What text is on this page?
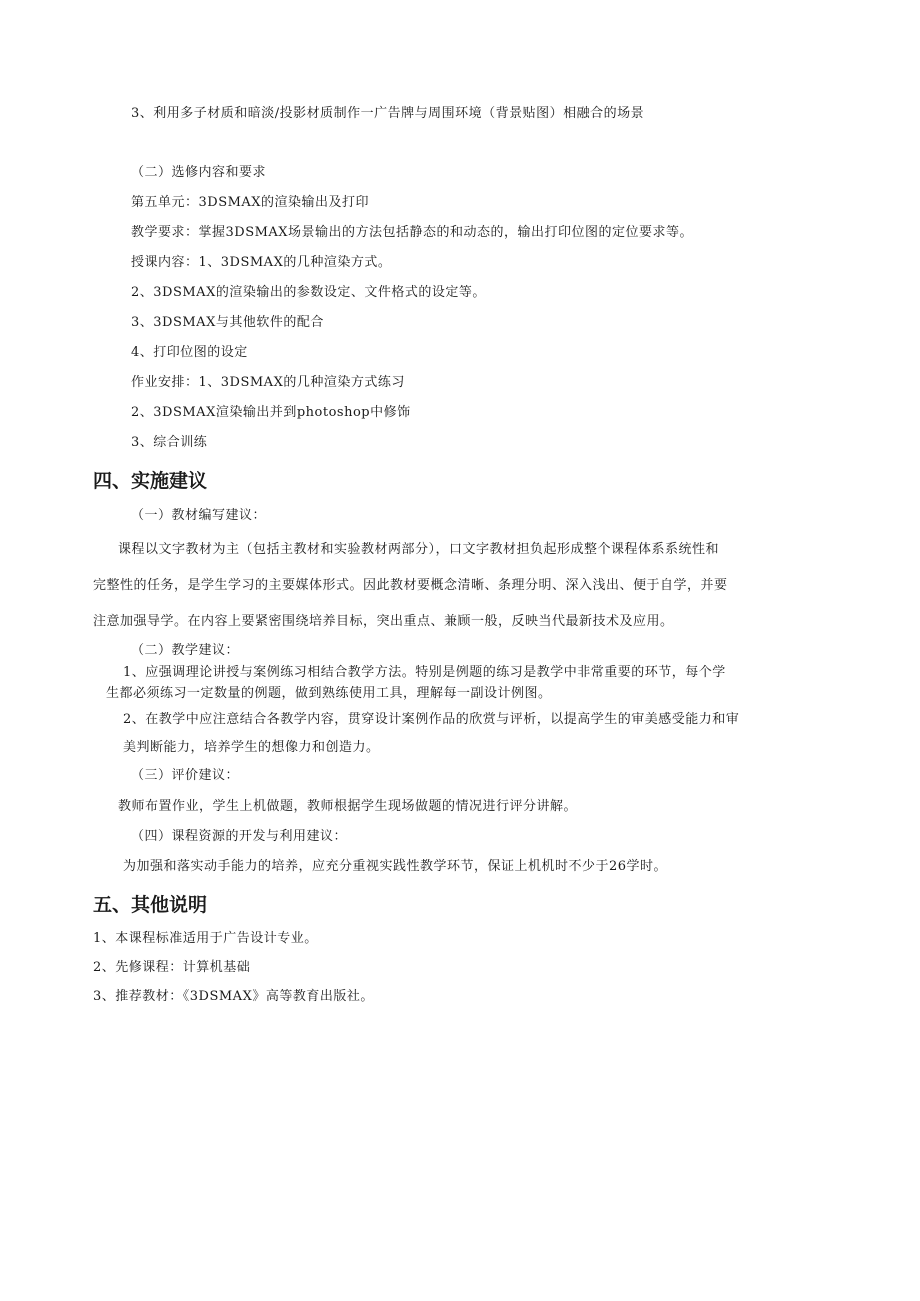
3、利用多子材质和暗淡/投影材质制作一广告牌与周围环境（背景贴图）相融合的场景
（二）选修内容和要求
第五单元：3DSMAX的渲染输出及打印
教学要求：掌握3DSMAX场景输出的方法包括静态的和动态的，输出打印位图的定位要求等。
授课内容：1、3DSMAX的几种渲染方式。
2、3DSMAX的渲染输出的参数设定、文件格式的设定等。
3、3DSMAX与其他软件的配合
4、打印位图的设定
作业安排：1、3DSMAX的几种渲染方式练习
2、3DSMAX渲染输出并到photoshop中修饰
3、综合训练
四、实施建议
（一）教材编写建议：
课程以文字教材为主（包括主教材和实验教材两部分），口文字教材担负起形成整个课程体系系统性和
完整性的任务，是学生学习的主要媒体形式。因此教材要概念清晰、条理分明、深入浅出、便于自学，并要
注意加强导学。在内容上要紧密围绕培养目标，突出重点、兼顾一般，反映当代最新技术及应用。
（二）教学建议：
1、应强调理论讲授与案例练习相结合教学方法。特别是例题的练习是教学中非常重要的环节，每个学
生都必须练习一定数量的例题，做到熟练使用工具，理解每一副设计例图。
2、在教学中应注意结合各教学内容，贯穿设计案例作品的欣赏与评析，以提高学生的审美感受能力和审
美判断能力，培养学生的想像力和创造力。
（三）评价建议：
教师布置作业，学生上机做题，教师根据学生现场做题的情况进行评分讲解。
（四）课程资源的开发与利用建议：
为加强和落实动手能力的培养，应充分重视实践性教学环节，保证上机机时不少于26学时。
五、其他说明
1、本课程标准适用于广告设计专业。
2、先修课程：计算机基础
3、推荐教材：《3DSMAX》高等教育出版社。
